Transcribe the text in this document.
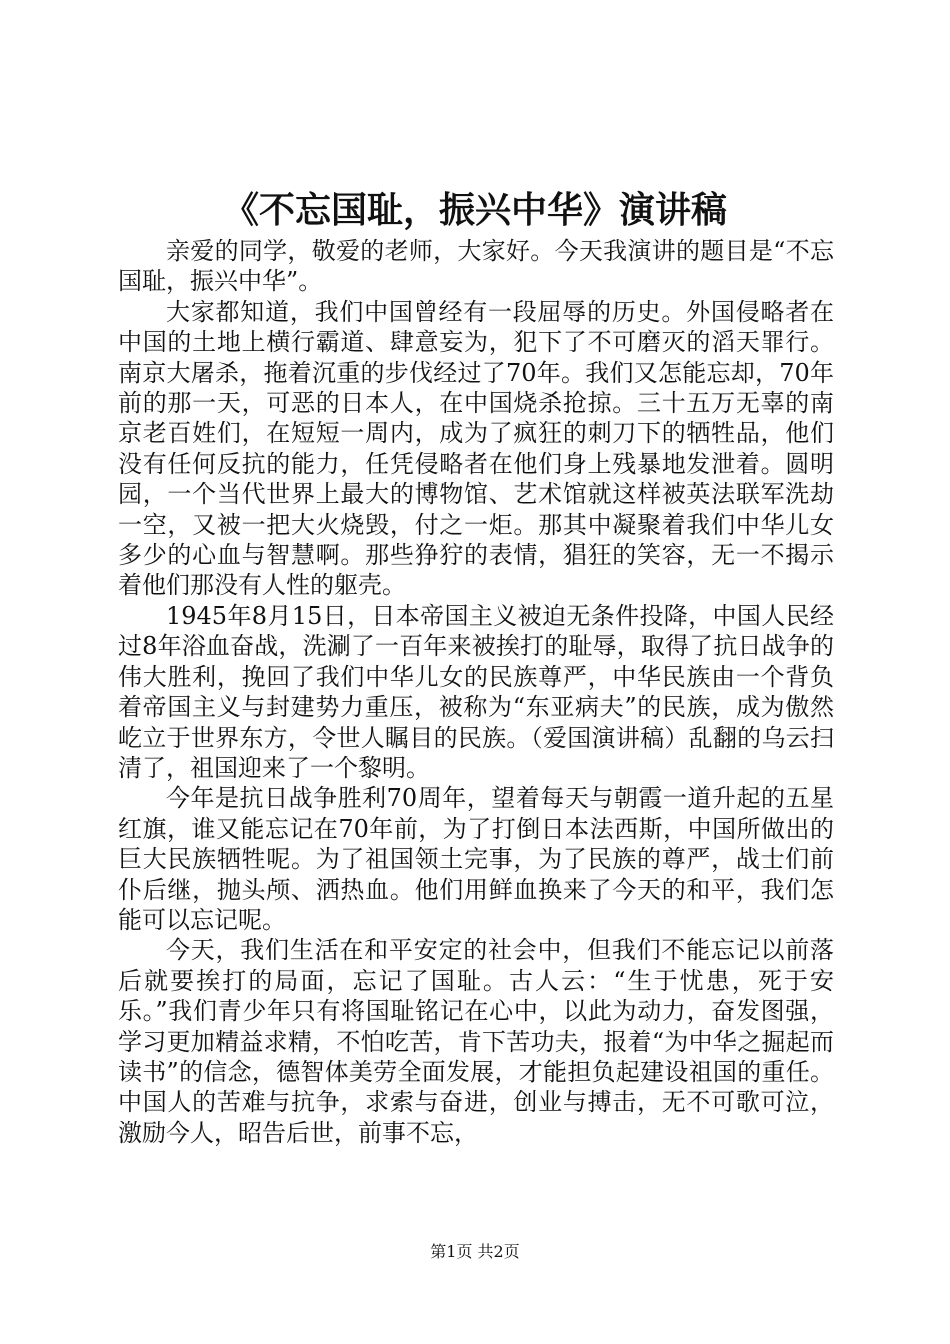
《不忘国耻，振兴中华》演讲稿

亲爱的同学，敬爱的老师，大家好。今天我演讲的题目是“不忘国耻，振兴中华”。

大家都知道，我们中国曾经有一段屈辱的历史。外国侵略者在中国的土地上横行霸道、肆意妄为，犯下了不可磨灭的滔天罪行。南京大屠杀，拖着沉重的步伐经过了70年。我们又怎能忘却，70年前的那一天，可恶的日本人，在中国烧杀抢掠。三十五万无辜的南京老百姓们，在短短一周内，成为了疯狂的刺刀下的牺牲品，他们没有任何反抗的能力，任凭侵略者在他们身上残暴地发泄着。圆明园，一个当代世界上最大的博物馆、艺术馆就这样被英法联军洗劫一空，又被一把大火烧毁，付之一炬。那其中凝聚着我们中华儿女多少的心血与智慧啊。那些狰狞的表情，猖狂的笑容，无一不揭示着他们那没有人性的躯壳。

1945年8月15日，日本帝国主义被迫无条件投降，中国人民经过8年浴血奋战，洗涮了一百年来被挨打的耻辱，取得了抗日战争的伟大胜利，挽回了我们中华儿女的民族尊严，中华民族由一个背负着帝国主义与封建势力重压，被称为“东亚病夫”的民族，成为傲然屹立于世界东方，令世人瞩目的民族。（爱国演讲稿）乱翻的乌云扫清了，祖国迎来了一个黎明。

今年是抗日战争胜利70周年，望着每天与朝霞一道升起的五星红旗，谁又能忘记在70年前，为了打倒日本法西斯，中国所做出的巨大民族牺牲呢。为了祖国领土完事，为了民族的尊严，战士们前仆后继，抛头颅、洒热血。他们用鲜血换来了今天的和平，我们怎能可以忘记呢。

今天，我们生活在和平安定的社会中，但我们不能忘记以前落后就要挨打的局面，忘记了国耻。古人云：“生于忧患，死于安乐。”我们青少年只有将国耻铭记在心中，以此为动力，奋发图强，学习更加精益求精，不怕吃苦，肯下苦功夫，报着“为中华之掘起而读书”的信念，德智体美劳全面发展，才能担负起建设祖国的重任。中国人的苦难与抗争，求索与奋进，创业与搏击，无不可歌可泣，激励今人，昭告后世，前事不忘，

第1页 共2页
